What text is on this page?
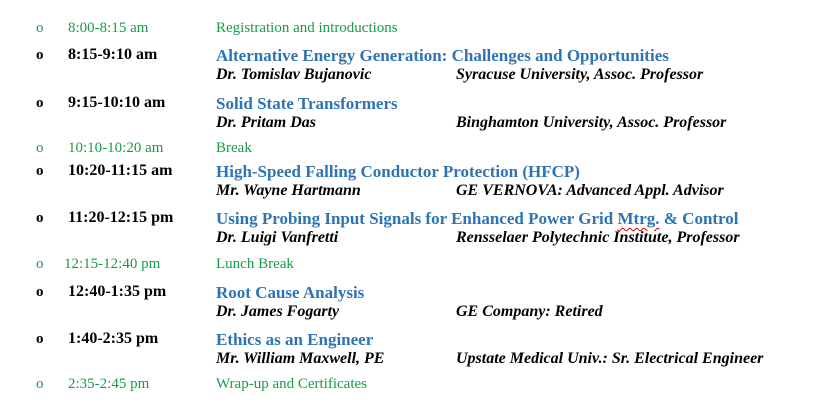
o 8:00-8:15 am	Registration and introductions
o 8:15-9:10 am	Alternative Energy Generation: Challenges and Opportunities
Dr. Tomislav Bujanovic	Syracuse University, Assoc. Professor
o 9:15-10:10 am	Solid State Transformers
Dr. Pritam Das	Binghamton University, Assoc. Professor
o 10:10-10:20 am	Break
o 10:20-11:15 am	High-Speed Falling Conductor Protection (HFCP)
Mr. Wayne Hartmann	GE VERNOVA: Advanced Appl. Advisor
o 11:20-12:15 pm	Using Probing Input Signals for Enhanced Power Grid Mtrg. & Control
Dr. Luigi Vanfretti	Rensselaer Polytechnic Institute, Professor
o 12:15-12:40 pm	Lunch Break
o 12:40-1:35 pm	Root Cause Analysis
Dr. James Fogarty	GE Company: Retired
o 1:40-2:35 pm	Ethics as an Engineer
Mr. William Maxwell, PE	Upstate Medical Univ.: Sr. Electrical Engineer
o 2:35-2:45 pm	Wrap-up and Certificates
